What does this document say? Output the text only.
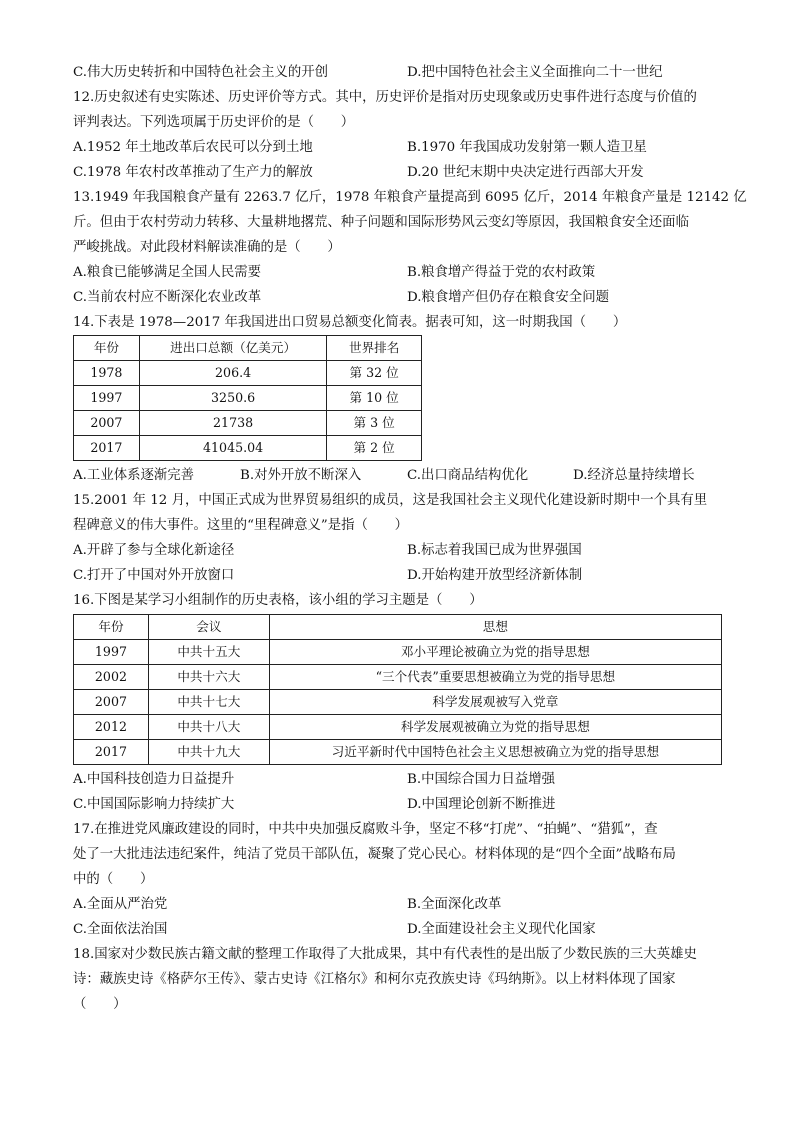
C.伟大历史转折和中国特色社会主义的开创	D.把中国特色社会主义全面推向二十一世纪
12.历史叙述有史实陈述、历史评价等方式。其中，历史评价是指对历史现象或历史事件进行态度与价值的
评判表达。下列选项属于历史评价的是（　　）
A.1952 年土地改革后农民可以分到土地	B.1970 年我国成功发射第一颗人造卫星
C.1978 年农村改革推动了生产力的解放	D.20 世纪末期中央决定进行西部大开发
13.1949 年我国粮食产量有 2263.7 亿斤，1978 年粮食产量提高到 6095 亿斤，2014 年粮食产量是 12142 亿
斤。但由于农村劳动力转移、大量耕地撂荒、种子问题和国际形势风云变幻等原因，我国粮食安全还面临
严峻挑战。对此段材料解读准确的是（　　）
A.粮食已能够满足全国人民需要	B.粮食增产得益于党的农村政策
C.当前农村应不断深化农业改革	D.粮食增产但仍存在粮食安全问题
14.下表是 1978—2017 年我国进出口贸易总额变化简表。据表可知，这一时期我国（　　）
年份	进出口总额（亿美元）	世界排名
1978	206.4	第 32 位
1997	3250.6	第 10 位
2007	21738	第 3 位
2017	41045.04	第 2 位
A.工业体系逐渐完善	B.对外开放不断深入	C.出口商品结构优化	D.经济总量持续增长
15.2001 年 12 月，中国正式成为世界贸易组织的成员，这是我国社会主义现代化建设新时期中一个具有里
程碑意义的伟大事件。这里的“里程碑意义”是指（　　）
A.开辟了参与全球化新途径	B.标志着我国已成为世界强国
C.打开了中国对外开放窗口	D.开始构建开放型经济新体制
16.下图是某学习小组制作的历史表格，该小组的学习主题是（　　）
年份	会议	思想
1997	中共十五大	邓小平理论被确立为党的指导思想
2002	中共十六大	“三个代表”重要思想被确立为党的指导思想
2007	中共十七大	科学发展观被写入党章
2012	中共十八大	科学发展观被确立为党的指导思想
2017	中共十九大	习近平新时代中国特色社会主义思想被确立为党的指导思想
A.中国科技创造力日益提升	B.中国综合国力日益增强
C.中国国际影响力持续扩大	D.中国理论创新不断推进
17.在推进党风廉政建设的同时，中共中央加强反腐败斗争，坚定不移“打虎”、“拍蝇”、“猎狐”，查
处了一大批违法违纪案件，纯洁了党员干部队伍，凝聚了党心民心。材料体现的是“四个全面”战略布局
中的（　　）
A.全面从严治党	B.全面深化改革
C.全面依法治国	D.全面建设社会主义现代化国家
18.国家对少数民族古籍文献的整理工作取得了大批成果，其中有代表性的是出版了少数民族的三大英雄史
诗：藏族史诗《格萨尔王传》、蒙古史诗《江格尔》和柯尔克孜族史诗《玛纳斯》。以上材料体现了国家
（　　）
